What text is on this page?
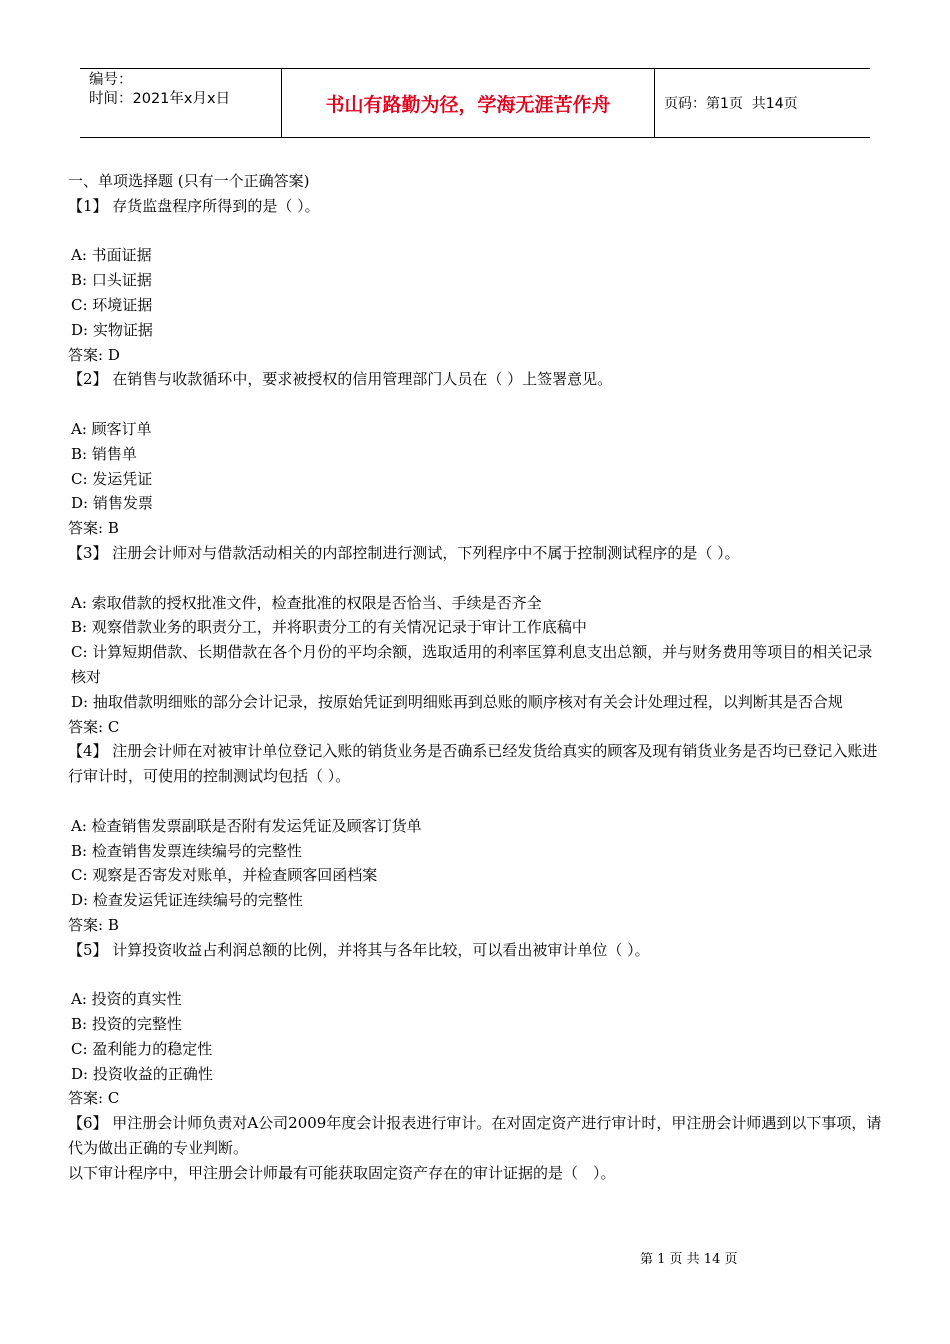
编号：
时间：2021年x月x日	书山有路勤为径，学海无涯苦作舟	页码：第1页  共14页
一、单项选择题 (只有一个正确答案)
【1】 存货监盘程序所得到的是（ ）。
A: 书面证据
B: 口头证据
C: 环境证据
D: 实物证据
答案: D
【2】 在销售与收款循环中，要求被授权的信用管理部门人员在（ ）上签署意见。
A: 顾客订单
B: 销售单
C: 发运凭证
D: 销售发票
答案: B
【3】 注册会计师对与借款活动相关的内部控制进行测试，下列程序中不属于控制测试程序的是（ ）。
A: 索取借款的授权批准文件，检查批准的权限是否恰当、手续是否齐全
B: 观察借款业务的职责分工，并将职责分工的有关情况记录于审计工作底稿中
C: 计算短期借款、长期借款在各个月份的平均余额，选取适用的利率匡算利息支出总额，并与财务费用等项目的相关记录核对
D: 抽取借款明细账的部分会计记录，按原始凭证到明细账再到总账的顺序核对有关会计处理过程，以判断其是否合规
答案: C
【4】 注册会计师在对被审计单位登记入账的销货业务是否确系已经发货给真实的顾客及现有销货业务是否均已登记入账进行审计时，可使用的控制测试均包括（ ）。
A: 检查销售发票副联是否附有发运凭证及顾客订货单
B: 检查销售发票连续编号的完整性
C: 观察是否寄发对账单，并检查顾客回函档案
D: 检查发运凭证连续编号的完整性
答案: B
【5】 计算投资收益占利润总额的比例，并将其与各年比较，可以看出被审计单位（ ）。
A: 投资的真实性
B: 投资的完整性
C: 盈利能力的稳定性
D: 投资收益的正确性
答案: C
【6】 甲注册会计师负责对A公司2009年度会计报表进行审计。在对固定资产进行审计时，甲注册会计师遇到以下事项，请代为做出正确的专业判断。
以下审计程序中，甲注册会计师最有可能获取固定资产存在的审计证据的是（　）。
第 1 页 共 14 页
